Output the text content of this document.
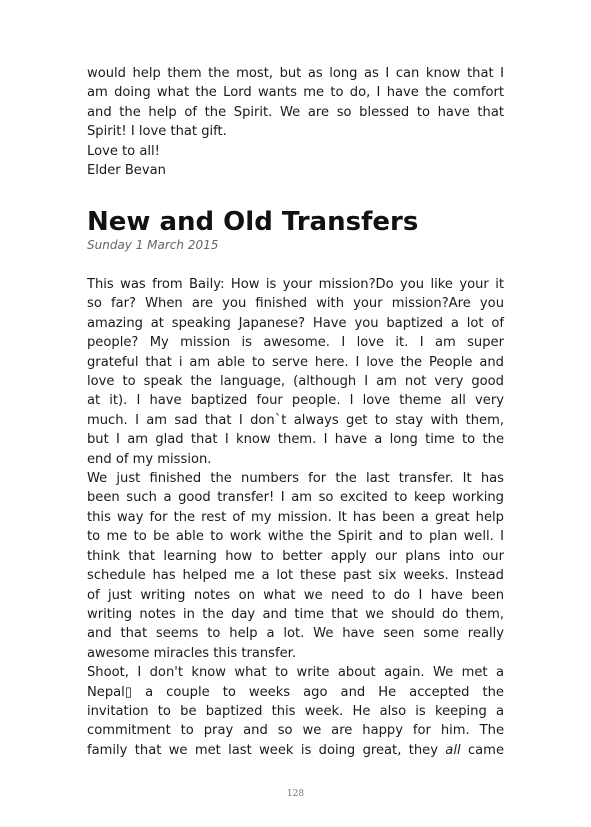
would help them the most, but as long as I can know that I
am doing what the Lord wants me to do, I have the comfort
and the help of the Spirit. We are so blessed to have that
Spirit! I love that gift.
Love to all!
Elder Bevan

New and Old Transfers
Sunday 1 March 2015

This was from Baily: How is your mission?Do you like your it
so far? When are you finished with your mission?Are you
amazing at speaking Japanese? Have you baptized a lot of
people? My mission is awesome. I love it. I am super
grateful that i am able to serve here. I love the People and
love to speak the language, (although I am not very good
at it). I have baptized four people. I love theme all very
much. I am sad that I don`t always get to stay with them,
but I am glad that I know them. I have a long time to the
end of my mission.

We just finished the numbers for the last transfer. It has
been such a good transfer! I am so excited to keep working
this way for the rest of my mission. It has been a great help
to me to be able to work withe the Spirit and to plan well. I
think that learning how to better apply our plans into our
schedule has helped me a lot these past six weeks. Instead
of just writing notes on what we need to do I have been
writing notes in the day and time that we should do them,
and that seems to help a lot. We have seen some really
awesome miracles this transfer.

Shoot, I don't know what to write about again. We met a
Nepal▯ a couple to weeks ago and He accepted the
invitation to be baptized this week. He also is keeping a
commitment to pray and so we are happy for him. The
family that we met last week is doing great, they all came

128
